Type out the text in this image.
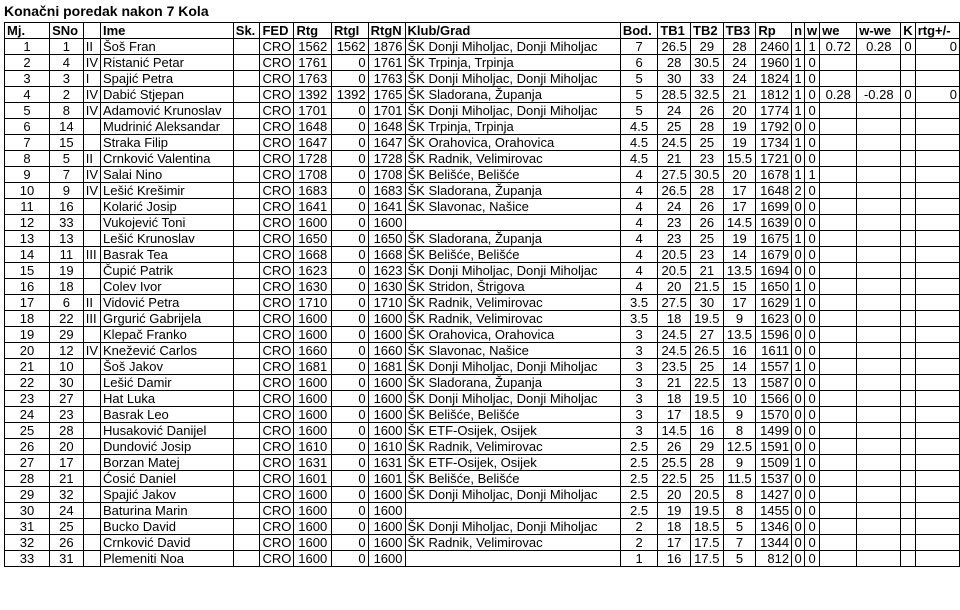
Konačni poredak nakon 7 Kola
Mj.	SNo		Ime	Sk.	FED	Rtg	RtgI	RtgN	Klub/Grad	Bod.	TB1	TB2	TB3	Rp	n	w	we	w-we	K	rtg+/-
1	1	II	Šoš Fran		CRO	1562	1562	1876	ŠK Donji Miholjac, Donji Miholjac	7	26.5	29	28	2460	1	1	0.72	0.28	0	0
2	4	IV	Ristanić Petar		CRO	1761	0	1761	ŠK Trpinja, Trpinja	6	28	30.5	24	1960	1	0				
3	3	I	Spajić Petra		CRO	1763	0	1763	ŠK Donji Miholjac, Donji Miholjac	5	30	33	24	1824	1	0				
4	2	IV	Dabić Stjepan		CRO	1392	1392	1765	ŠK Sladorana, Županja	5	28.5	32.5	21	1812	1	0	0.28	-0.28	0	0
5	8	IV	Adamović Krunoslav		CRO	1701	0	1701	ŠK Donji Miholjac, Donji Miholjac	5	24	26	20	1774	1	0				
6	14		Mudrinić Aleksandar		CRO	1648	0	1648	ŠK Trpinja, Trpinja	4.5	25	28	19	1792	0	0				
7	15		Straka Filip		CRO	1647	0	1647	ŠK Orahovica, Orahovica	4.5	24.5	25	19	1734	1	0				
8	5	II	Crnković Valentina		CRO	1728	0	1728	ŠK Radnik, Velimirovac	4.5	21	23	15.5	1721	0	0				
9	7	IV	Salai Nino		CRO	1708	0	1708	ŠK Belišće, Belišće	4	27.5	30.5	20	1678	1	1				
10	9	IV	Lešić Krešimir		CRO	1683	0	1683	ŠK Sladorana, Županja	4	26.5	28	17	1648	2	0				
11	16		Kolarić Josip		CRO	1641	0	1641	ŠK Slavonac, Našice	4	24	26	17	1699	0	0				
12	33		Vukojević Toni		CRO	1600	0	1600		4	23	26	14.5	1639	0	0				
13	13		Lešić Krunoslav		CRO	1650	0	1650	ŠK Sladorana, Županja	4	23	25	19	1675	1	0				
14	11	III	Basrak Tea		CRO	1668	0	1668	ŠK Belišće, Belišće	4	20.5	23	14	1679	0	0				
15	19		Čupić Patrik		CRO	1623	0	1623	ŠK Donji Miholjac, Donji Miholjac	4	20.5	21	13.5	1694	0	0				
16	18		Colev Ivor		CRO	1630	0	1630	ŠK Stridon, Štrigova	4	20	21.5	15	1650	1	0				
17	6	II	Vidović Petra		CRO	1710	0	1710	ŠK Radnik, Velimirovac	3.5	27.5	30	17	1629	1	0				
18	22	III	Grgurić Gabrijela		CRO	1600	0	1600	ŠK Radnik, Velimirovac	3.5	18	19.5	9	1623	0	0				
19	29		Klepač Franko		CRO	1600	0	1600	ŠK Orahovica, Orahovica	3	24.5	27	13.5	1596	0	0				
20	12	IV	Knežević Carlos		CRO	1660	0	1660	ŠK Slavonac, Našice	3	24.5	26.5	16	1611	0	0				
21	10		Šoš Jakov		CRO	1681	0	1681	ŠK Donji Miholjac, Donji Miholjac	3	23.5	25	14	1557	1	0				
22	30		Lešić Damir		CRO	1600	0	1600	ŠK Sladorana, Županja	3	21	22.5	13	1587	0	0				
23	27		Hat Luka		CRO	1600	0	1600	ŠK Donji Miholjac, Donji Miholjac	3	18	19.5	10	1566	0	0				
24	23		Basrak Leo		CRO	1600	0	1600	ŠK Belišće, Belišće	3	17	18.5	9	1570	0	0				
25	28		Husaković Danijel		CRO	1600	0	1600	ŠK ETF-Osijek, Osijek	3	14.5	16	8	1499	0	0				
26	20		Dundović Josip		CRO	1610	0	1610	ŠK Radnik, Velimirovac	2.5	26	29	12.5	1591	0	0				
27	17		Borzan Matej		CRO	1631	0	1631	ŠK ETF-Osijek, Osijek	2.5	25.5	28	9	1509	1	0				
28	21		Ćosić Daniel		CRO	1601	0	1601	ŠK Belišće, Belišće	2.5	22.5	25	11.5	1537	0	0				
29	32		Spajić Jakov		CRO	1600	0	1600	ŠK Donji Miholjac, Donji Miholjac	2.5	20	20.5	8	1427	0	0				
30	24		Baturina Marin		CRO	1600	0	1600		2.5	19	19.5	8	1455	0	0				
31	25		Bucko David		CRO	1600	0	1600	ŠK Donji Miholjac, Donji Miholjac	2	18	18.5	5	1346	0	0				
32	26		Crnković David		CRO	1600	0	1600	ŠK Radnik, Velimirovac	2	17	17.5	7	1344	0	0				
33	31		Plemeniti Noa		CRO	1600	0	1600		1	16	17.5	5	812	0	0				
